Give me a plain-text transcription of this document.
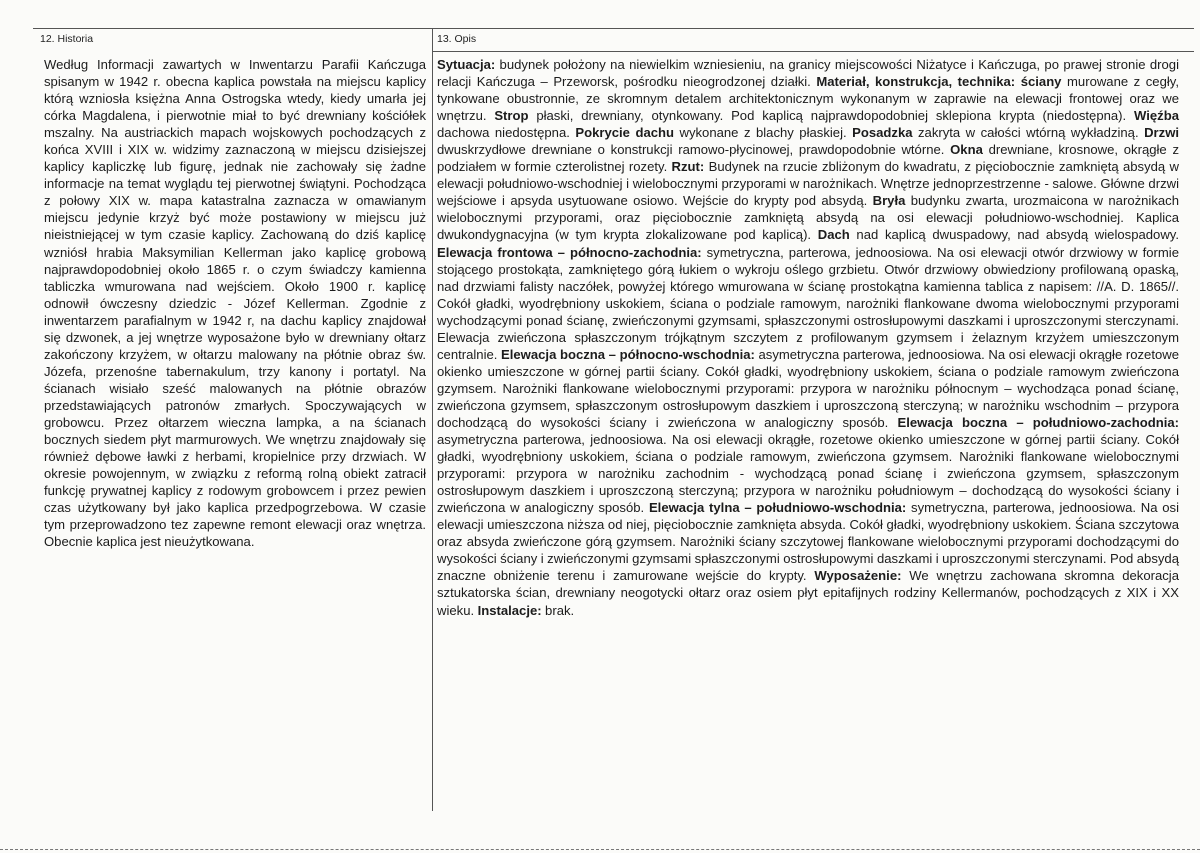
12. Historia	13. Opis
Według Informacji zawartych w Inwentarzu Parafii Kańczuga spisanym w 1942 r. obecna kaplica powstała na miejscu kaplicy którą wzniosła księżna Anna Ostrogska wtedy, kiedy umarła jej córka Magdalena, i pierwotnie miał to być drewniany kościółek mszalny. Na austriackich mapach wojskowych pochodzących z końca XVIII i XIX w. widzimy zaznaczoną w miejscu dzisiejszej kaplicy kapliczkę lub figurę, jednak nie zachowały się żadne informacje na temat wyglądu tej pierwotnej świątyni. Pochodząca z połowy XIX w. mapa katastralna zaznacza w omawianym miejscu jedynie krzyż być może postawiony w miejscu już nieistniejącej w tym czasie kaplicy. Zachowaną do dziś kaplicę wzniósł hrabia Maksymilian Kellerman jako kaplicę grobową najprawdopodobniej około 1865 r. o czym świadczy kamienna tabliczka wmurowana nad wejściem. Około 1900 r. kaplicę odnowił ówczesny dziedzic - Józef Kellerman. Zgodnie z inwentarzem parafialnym w 1942 r, na dachu kaplicy znajdował się dzwonek, a jej wnętrze wyposażone było w drewniany ołtarz zakończony krzyżem, w ołtarzu malowany na płótnie obraz św. Józefa, przenośne tabernakulum, trzy kanony i portatyl. Na ścianach wisiało sześć malowanych na płótnie obrazów przedstawiających patronów zmarłych. Spoczywających w grobowcu. Przez ołtarzem wieczna lampka, a na ścianach bocznych siedem płyt marmurowych. We wnętrzu znajdowały się również dębowe ławki z herbami, kropielnice przy drzwiach. W okresie powojennym, w związku z reformą rolną obiekt zatracił funkcję prywatnej kaplicy z rodowym grobowcem i przez pewien czas użytkowany był jako kaplica przedpogrzebowa. W czasie tym przeprowadzono tez zapewne remont elewacji oraz wnętrza. Obecnie kaplica jest nieużytkowana.
Sytuacja: budynek położony na niewielkim wzniesieniu, na granicy miejscowości Niżatyce i Kańczuga, po prawej stronie drogi relacji Kańczuga – Przeworsk, pośrodku nieogrodzonej działki. Materiał, konstrukcja, technika: ściany murowane z cegły, tynkowane obustronnie, ze skromnym detalem architektonicznym wykonanym w zaprawie na elewacji frontowej oraz we wnętrzu. Strop płaski, drewniany, otynkowany. Pod kaplicą najprawdopodobniej sklepiona krypta (niedostępna). Więźba dachowa niedostępna. Pokrycie dachu wykonane z blachy płaskiej. Posadzka zakryta w całości wtórną wykładziną. Drzwi dwuskrzydłowe drewniane o konstrukcji ramowo-płycinowej, prawdopodobnie wtórne. Okna drewniane, krosnowe, okrągłe z podziałem w formie czterolistnej rozety. Rzut: Budynek na rzucie zbliżonym do kwadratu, z pięciobocznie zamkniętą absydą w elewacji południowo-wschodniej i wielobocznymi przyporami w narożnikach. Wnętrze jednoprzestrzenne - salowe. Główne drzwi wejściowe i apsyda usytuowane osiowo. Wejście do krypty pod absydą. Bryła budynku zwarta, urozmaicona w narożnikach wielobocznymi przyporami, oraz pięciobocznie zamkniętą absydą na osi elewacji południowo-wschodniej. Kaplica dwukondygnacyjna (w tym krypta zlokalizowane pod kaplicą). Dach nad kaplicą dwuspadowy, nad absydą wielospadowy. Elewacja frontowa – północno-zachodnia: symetryczna, parterowa, jednoosiowa. Na osi elewacji otwór drzwiowy w formie stojącego prostokąta, zamkniętego górą łukiem o wykroju oślego grzbietu. Otwór drzwiowy obwiedziony profilowaną opaską, nad drzwiami falisty naczółek, powyżej którego wmurowana w ścianę prostokątna kamienna tablica z napisem: //A. D. 1865//. Cokół gładki, wyodrębniony uskokiem, ściana o podziale ramowym, narożniki flankowane dwoma wielobocznymi przyporami wychodzącymi ponad ścianę, zwieńczonymi gzymsami, spłaszczonymi ostrosłupowymi daszkami i uproszczonymi sterczynami. Elewacja zwieńczona spłaszczonym trójkątnym szczytem z profilowanym gzymsem i żelaznym krzyżem umieszczonym centralnie. Elewacja boczna – północno-wschodnia: asymetryczna parterowa, jednoosiowa. Na osi elewacji okrągłe rozetowe okienko umieszczone w górnej partii ściany. Cokół gładki, wyodrębniony uskokiem, ściana o podziale ramowym zwieńczona gzymsem. Narożniki flankowane wielobocznymi przyporami: przypora w narożniku północnym – wychodząca ponad ścianę, zwieńczona gzymsem, spłaszczonym ostrosłupowym daszkiem i uproszczoną sterczyną; w narożniku wschodnim – przypora dochodzącą do wysokości ściany i zwieńczona w analogiczny sposób. Elewacja boczna – południowo-zachodnia: asymetryczna parterowa, jednoosiowa. Na osi elewacji okrągłe, rozetowe okienko umieszczone w górnej partii ściany. Cokół gładki, wyodrębniony uskokiem, ściana o podziale ramowym, zwieńczona gzymsem. Narożniki flankowane wielobocznymi przyporami: przypora w narożniku zachodnim - wychodzącą ponad ścianę i zwieńczona gzymsem, spłaszczonym ostrosłupowym daszkiem i uproszczoną sterczyną; przypora w narożniku południowym – dochodzącą do wysokości ściany i zwieńczona w analogiczny sposób. Elewacja tylna – południowo-wschodnia: symetryczna, parterowa, jednoosiowa. Na osi elewacji umieszczona niższa od niej, pięciobocznie zamknięta absyda. Cokół gładki, wyodrębniony uskokiem. Ściana szczytowa oraz absyda zwieńczone górą gzymsem. Narożniki ściany szczytowej flankowane wielobocznymi przyporami dochodzącymi do wysokości ściany i zwieńczonymi gzymsami spłaszczonymi ostrosłupowymi daszkami i uproszczonymi sterczynami. Pod absydą znaczne obniżenie terenu i zamurowane wejście do krypty. Wyposażenie: We wnętrzu zachowana skromna dekoracja sztukatorska ścian, drewniany neogotycki ołtarz oraz osiem płyt epitafijnych rodziny Kellermanów, pochodzących z XIX i XX wieku. Instalacje: brak.
